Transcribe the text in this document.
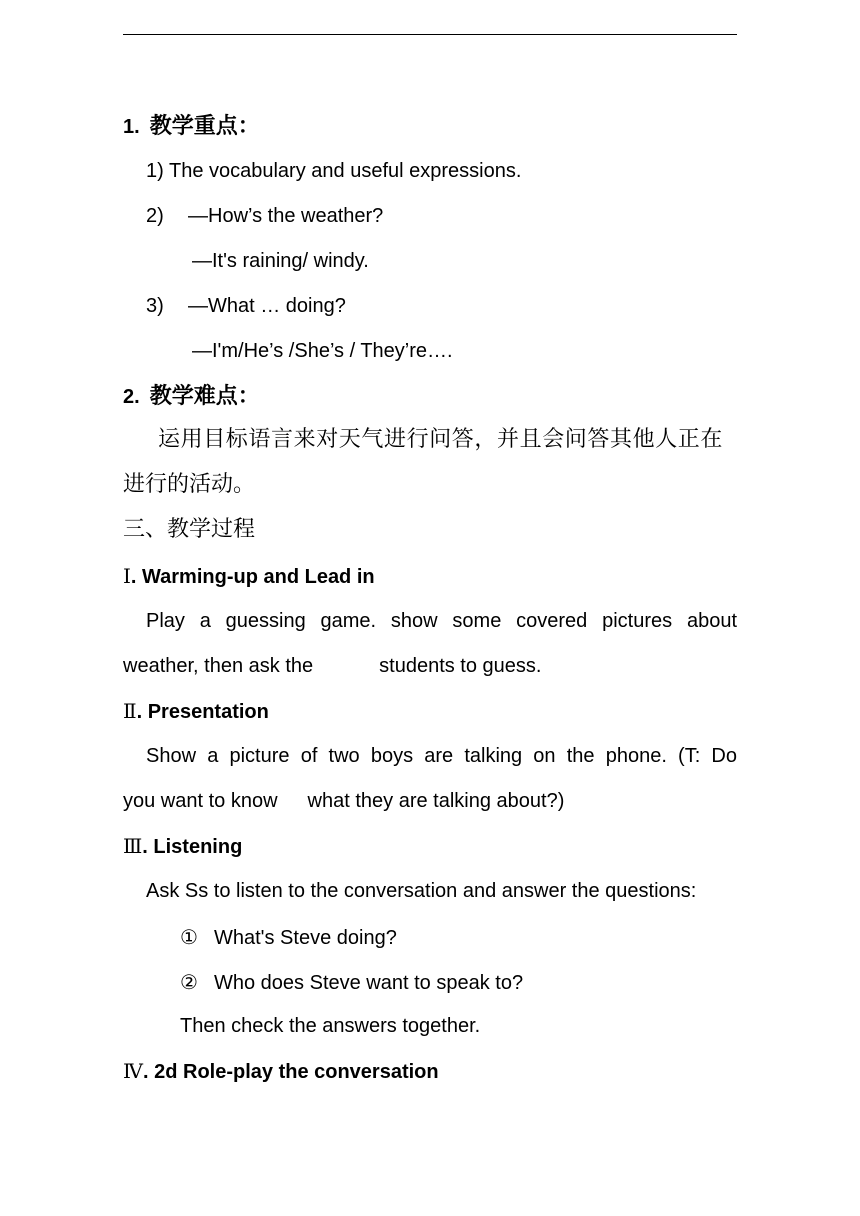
1. 教学重点：
1) The vocabulary and useful expressions.
2) —How’s the weather?
—It's raining/ windy.
3) —What … doing?
—I'm/He’s /She’s / They’re….
2. 教学难点：
运用目标语言来对天气进行问答，并且会问答其他人正在
进行的活动。
三、教学过程
Ⅰ. Warming-up and Lead in
Play a guessing game. show some covered pictures about
weather, then ask the	students to guess.
Ⅱ. Presentation
Show a picture of two boys are talking on the phone. (T: Do
you want to know what they are talking about?)
Ⅲ. Listening
Ask Ss to listen to the conversation and answer the questions:
① What's Steve doing?
② Who does Steve want to speak to?
Then check the answers together.
Ⅳ. 2d Role-play the conversation
